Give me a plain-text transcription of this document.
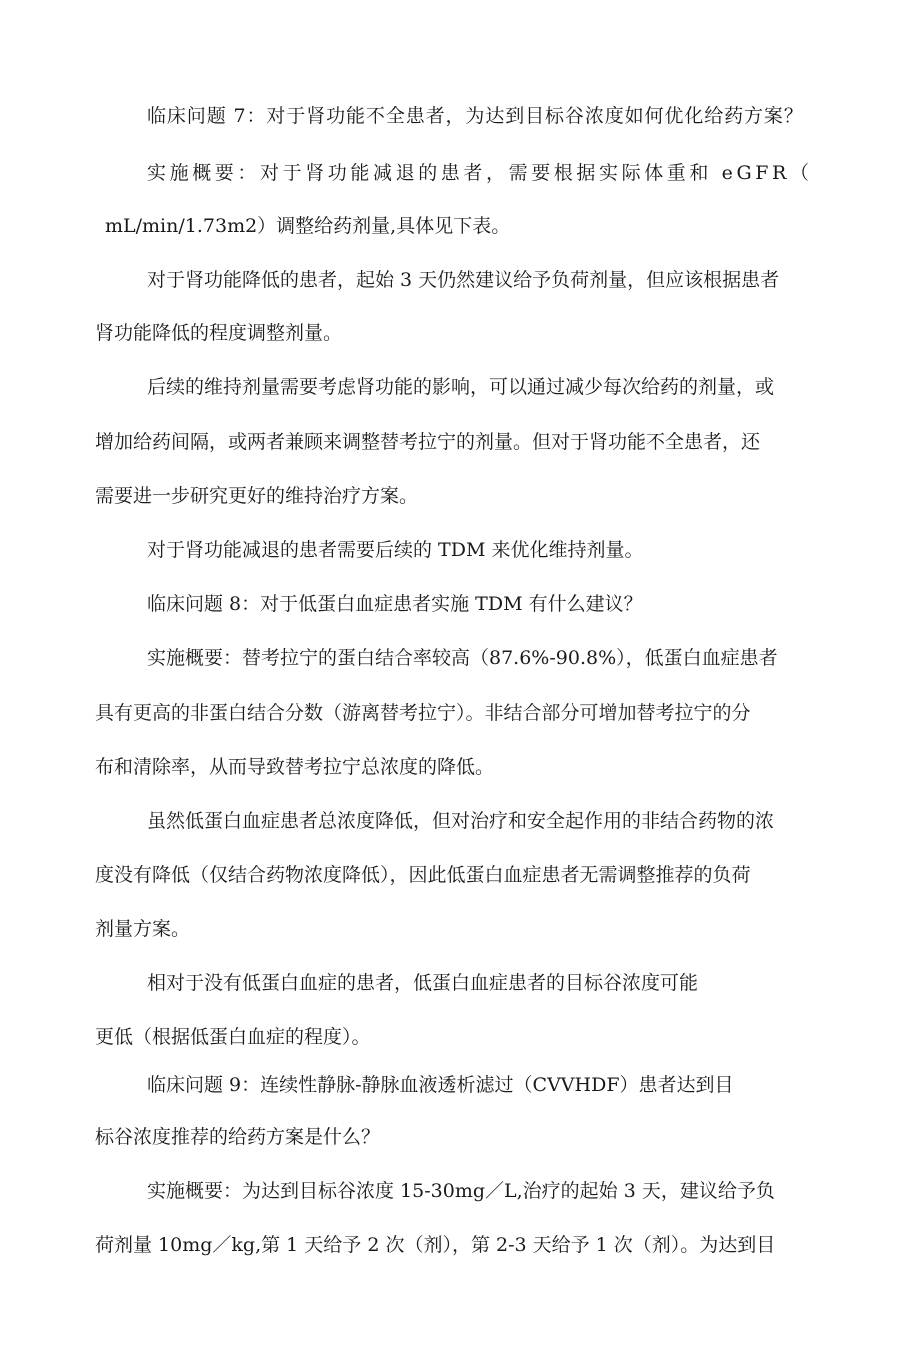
临床问题 7：对于肾功能不全患者，为达到目标谷浓度如何优化给药方案？
实施概要：对于肾功能减退的患者，需要根据实际体重和 eGFR（
mL/min/1.73m2）调整给药剂量,具体见下表。
对于肾功能降低的患者，起始 3 天仍然建议给予负荷剂量，但应该根据患者
肾功能降低的程度调整剂量。
后续的维持剂量需要考虑肾功能的影响，可以通过减少每次给药的剂量，或
增加给药间隔，或两者兼顾来调整替考拉宁的剂量。但对于肾功能不全患者，还
需要进一步研究更好的维持治疗方案。
对于肾功能减退的患者需要后续的 TDM 来优化维持剂量。
临床问题 8：对于低蛋白血症患者实施 TDM 有什么建议？
实施概要：替考拉宁的蛋白结合率较高（87.6%-90.8%），低蛋白血症患者
具有更高的非蛋白结合分数（游离替考拉宁）。非结合部分可增加替考拉宁的分
布和清除率，从而导致替考拉宁总浓度的降低。
虽然低蛋白血症患者总浓度降低，但对治疗和安全起作用的非结合药物的浓
度没有降低（仅结合药物浓度降低），因此低蛋白血症患者无需调整推荐的负荷
剂量方案。
相对于没有低蛋白血症的患者，低蛋白血症患者的目标谷浓度可能
更低（根据低蛋白血症的程度）。
临床问题 9：连续性静脉-静脉血液透析滤过（CVVHDF）患者达到目
标谷浓度推荐的给药方案是什么？
实施概要：为达到目标谷浓度 15-30mg／L,治疗的起始 3 天，建议给予负
荷剂量 10mg／kg,第 1 天给予 2 次（剂），第 2-3 天给予 1 次（剂）。为达到目
